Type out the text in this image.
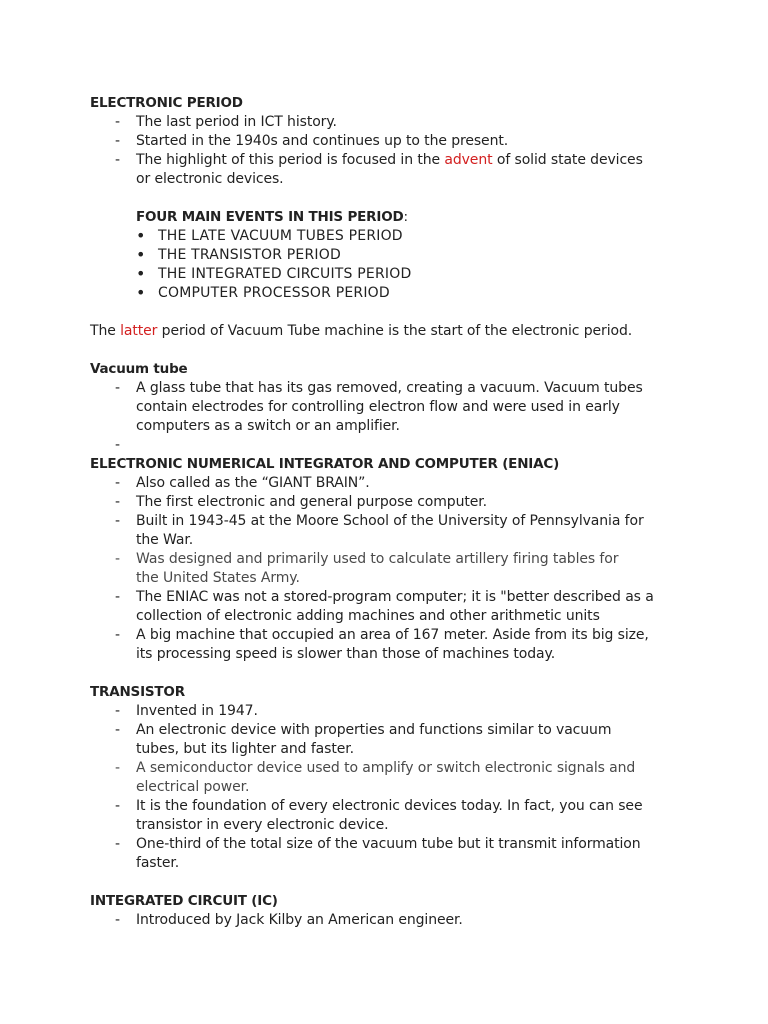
ELECTRONIC PERIOD
- The last period in ICT history.
- Started in the 1940s and continues up to the present.
- The highlight of this period is focused in the advent of solid state devices
or electronic devices.
FOUR MAIN EVENTS IN THIS PERIOD:
• THE LATE VACUUM TUBES PERIOD
• THE TRANSISTOR PERIOD
• THE INTEGRATED CIRCUITS PERIOD
• COMPUTER PROCESSOR PERIOD
The latter period of Vacuum Tube machine is the start of the electronic period.
Vacuum tube
- A glass tube that has its gas removed, creating a vacuum. Vacuum tubes
contain electrodes for controlling electron flow and were used in early
computers as a switch or an amplifier.
-
ELECTRONIC NUMERICAL INTEGRATOR AND COMPUTER (ENIAC)
- Also called as the “GIANT BRAIN”.
- The first electronic and general purpose computer.
- Built in 1943-45 at the Moore School of the University of Pennsylvania for
the War.
- Was designed and primarily used to calculate artillery firing tables for
the United States Army.
- The ENIAC was not a stored-program computer; it is "better described as a
collection of electronic adding machines and other arithmetic units
- A big machine that occupied an area of 167 meter. Aside from its big size,
its processing speed is slower than those of machines today.
TRANSISTOR
- Invented in 1947.
- An electronic device with properties and functions similar to vacuum
tubes, but its lighter and faster.
- A semiconductor device used to amplify or switch electronic signals and
electrical power.
- It is the foundation of every electronic devices today. In fact, you can see
transistor in every electronic device.
- One-third of the total size of the vacuum tube but it transmit information
faster.
INTEGRATED CIRCUIT (IC)
- Introduced by Jack Kilby an American engineer.
